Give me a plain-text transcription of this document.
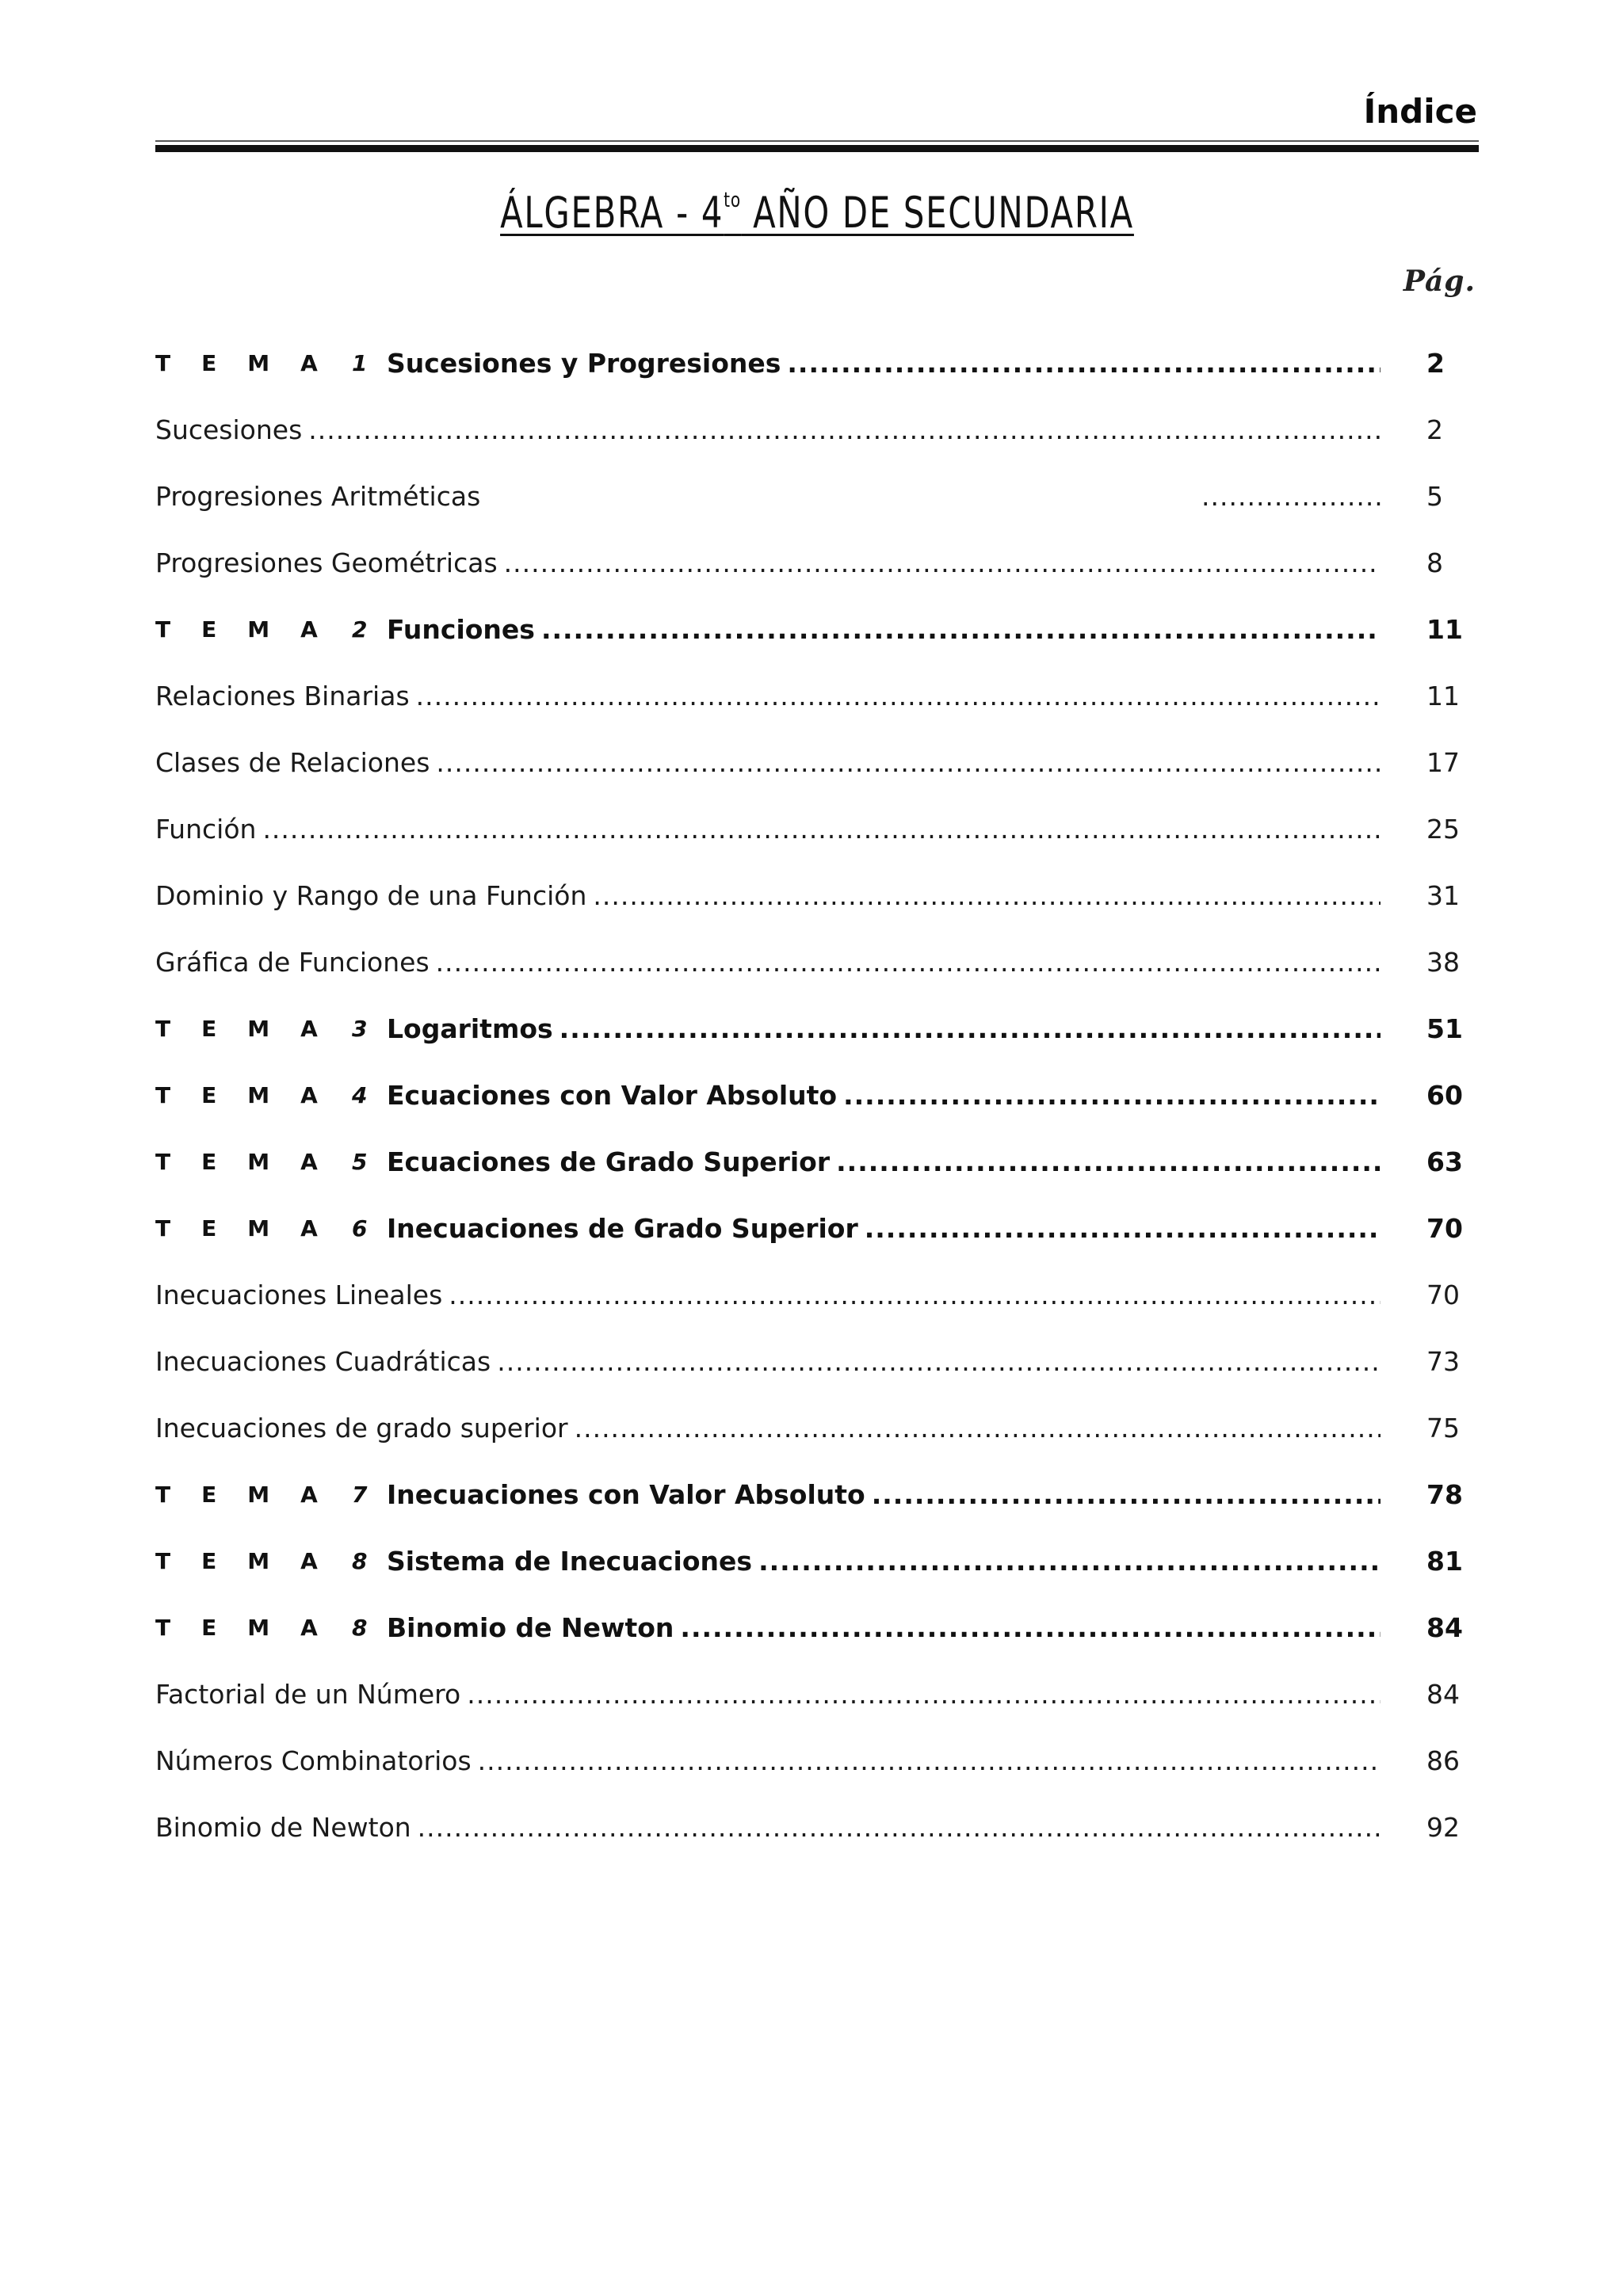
Índice
ÁLGEBRA - $4^{to}$ AÑO DE SECUNDARIA

Pág.

TEMA 1 Sucesiones y Progresiones .....	2
Sucesiones .....	2
Progresiones Aritméticas .....	5
Progresiones Geométricas .....	8
TEMA 2 Funciones .....	11
Relaciones Binarias .....	11
Clases de Relaciones .....	17
Función .....	25
Dominio y Rango de una Función .....	31
Gráfica de Funciones .....	38
TEMA 3 Logaritmos .....	51
TEMA 4 Ecuaciones con Valor Absoluto .....	60
TEMA 5 Ecuaciones de Grado Superior .....	63
TEMA 6 Inecuaciones de Grado Superior .....	70
Inecuaciones Lineales .....	70
Inecuaciones Cuadráticas .....	73
Inecuaciones de grado superior .....	75
TEMA 7 Inecuaciones con Valor Absoluto .....	78
TEMA 8 Sistema de Inecuaciones .....	81
TEMA 8 Binomio de Newton .....	84
Factorial de un Número .....	84
Números Combinatorios .....	86
Binomio de Newton .....	92
